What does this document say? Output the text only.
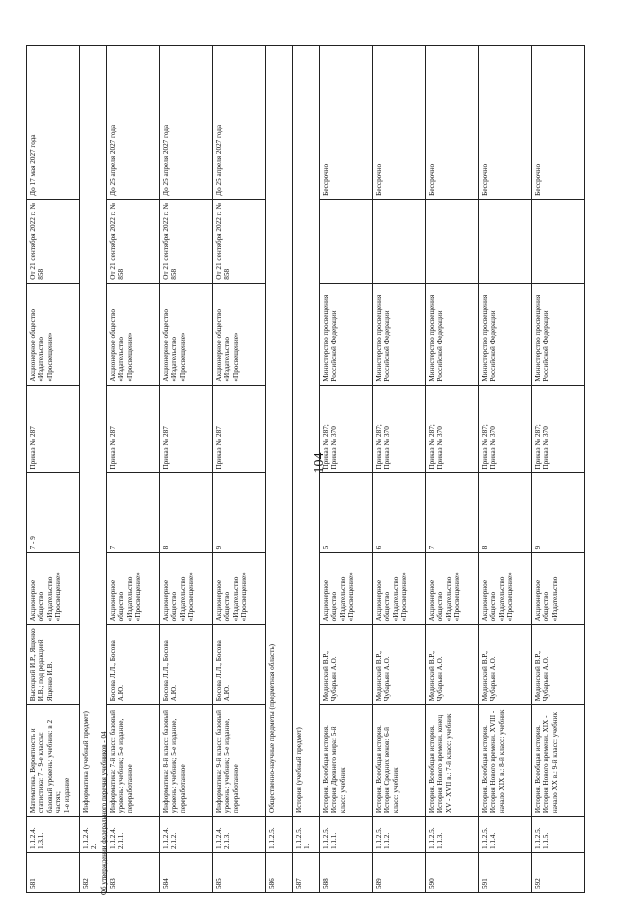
104
Об утверждении федерального перечня учебников - 04
581
1.1.2.4.
1.3.1.
Математика. Вероятность и статистика: 7 - 9-е классы: базовый уровень: учебник: в 2 частях;
1-е издание
Высоцкий И.Р., Ященко И.В.; под редакцией Ященко И.В.
Акционерное общество «Издательство «Просвещение»
7 - 9
Приказ № 287
Акционерное общество «Издательство «Просвещение»
От 21 сентября 2022 г. № 858
До 17 мая 2027 года
582
1.1.2.4.
2.
Информатика (учебный предмет)
583
1.1.2.4.
2.1.1.
Информатика: 7-й класс: базовый уровень: учебник; 5-е издание, переработанное
Босова Л.Л., Босова А.Ю.
Акционерное общество «Издательство «Просвещение»
7
Приказ № 287
Акционерное общество «Издательство «Просвещение»
От 21 сентября 2022 г. № 858
До 25 апреля 2027 года
584
1.1.2.4.
2.1.2.
Информатика: 8-й класс: базовый уровень: учебник; 5-е издание, переработанное
Босова Л.Л., Босова А.Ю.
Акционерное общество «Издательство «Просвещение»
8
Приказ № 287
Акционерное общество «Издательство «Просвещение»
От 21 сентября 2022 г. № 858
До 25 апреля 2027 года
585
1.1.2.4.
2.1.3.
Информатика: 9-й класс: базовый уровень: учебник; 5-е издание, переработанное
Босова Л.Л., Босова А.Ю.
Акционерное общество «Издательство «Просвещение»
9
Приказ № 287
Акционерное общество «Издательство «Просвещение»
От 21 сентября 2022 г. № 858
До 25 апреля 2027 года
586
1.1.2.5.
Общественно-научные предметы (предметная область)
587
1.1.2.5.
1.
История (учебный предмет)
588
1.1.2.5.
1.1.1.
История. Всеобщая история. История Древнего мира: 5-й класс: учебник
Мединский В.Р., Чубарьян А.О.
Акционерное общество «Издательство «Просвещение»
5
Приказ № 287;
Приказ № 370
Министерство просвещения Российской Федерации
Бессрочно
589
1.1.2.5.
1.1.2.
История. Всеобщая история. История Средних веков: 6-й класс: учебник
Мединский В.Р., Чубарьян А.О.
Акционерное общество «Издательство «Просвещение»
6
Приказ № 287;
Приказ № 370
Министерство просвещения Российской Федерации
Бессрочно
590
1.1.2.5.
1.1.3.
История. Всеобщая история. История Нового времени. конец XV - XVII в.: 7-й класс: учебник
Мединский В.Р., Чубарьян А.О.
Акционерное общество «Издательство «Просвещение»
7
Приказ № 287;
Приказ № 370
Министерство просвещения Российской Федерации
Бессрочно
591
1.1.2.5.
1.1.4.
История. Всеобщая история. История Нового времени. XVIII - начало XIX в.: 8-й класс: учебник
Мединский В.Р., Чубарьян А.О.
Акционерное общество «Издательство «Просвещение»
8
Приказ № 287;
Приказ № 370
Министерство просвещения Российской Федерации
Бессрочно
592
1.1.2.5.
1.1.5.
История. Всеобщая история. История Нового времени. XIX - начало XX в.: 9-й класс: учебник
Мединский В.Р., Чубарьян А.О.
Акционерное общество «Издательство
9
Приказ № 287;
Приказ № 370
Министерство просвещения Российской Федерации
Бессрочно
